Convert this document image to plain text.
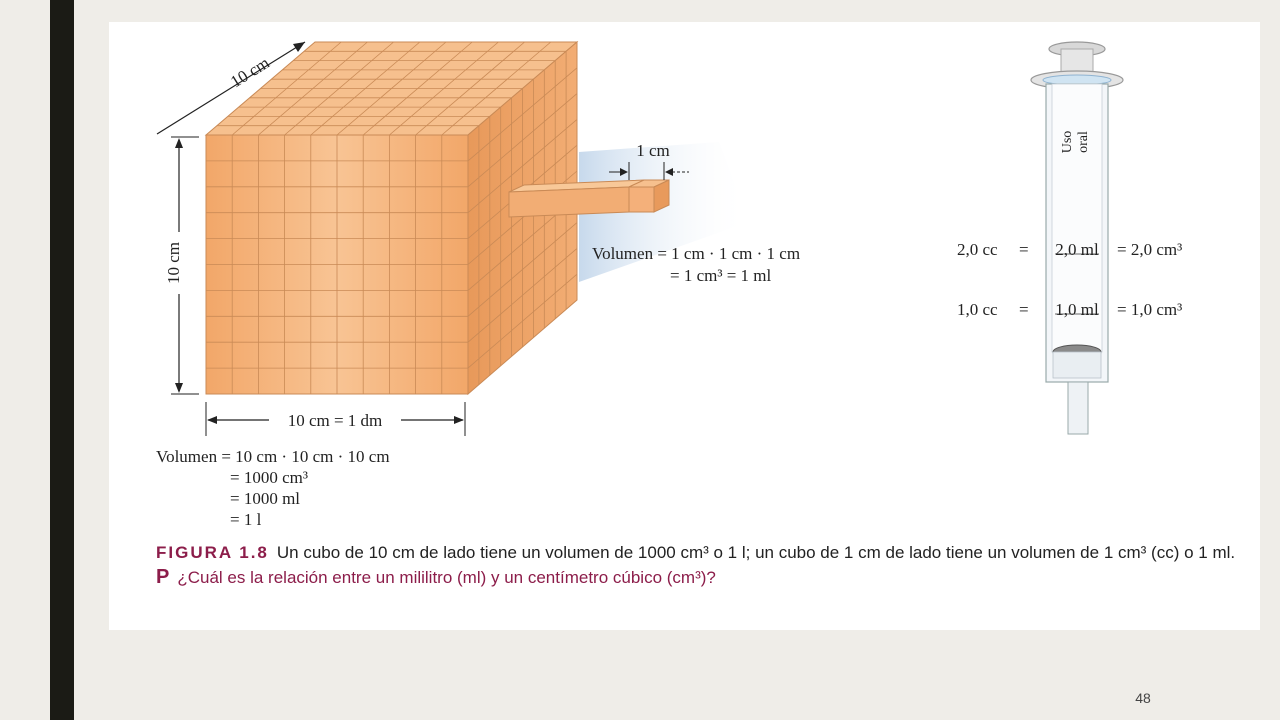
10 cm
10 cm
10 cm = 1 dm
1 cm
Volumen = 1 cm · 1 cm · 1 cm
= 1 cm³ = 1 ml
Volumen = 10 cm · 10 cm · 10 cm
= 1000 cm³
= 1000 ml
= 1 l
Uso oral
2,0 cc = 2,0 ml = 2,0 cm³
1,0 cc = 1,0 ml = 1,0 cm³
FIGURA 1.8 Un cubo de 10 cm de lado tiene un volumen de 1000 cm³ o 1 l; un cubo de 1 cm de lado tiene un volumen de 1 cm³ (cc) o 1 ml.
P ¿Cuál es la relación entre un mililitro (ml) y un centímetro cúbico (cm³)?
48
